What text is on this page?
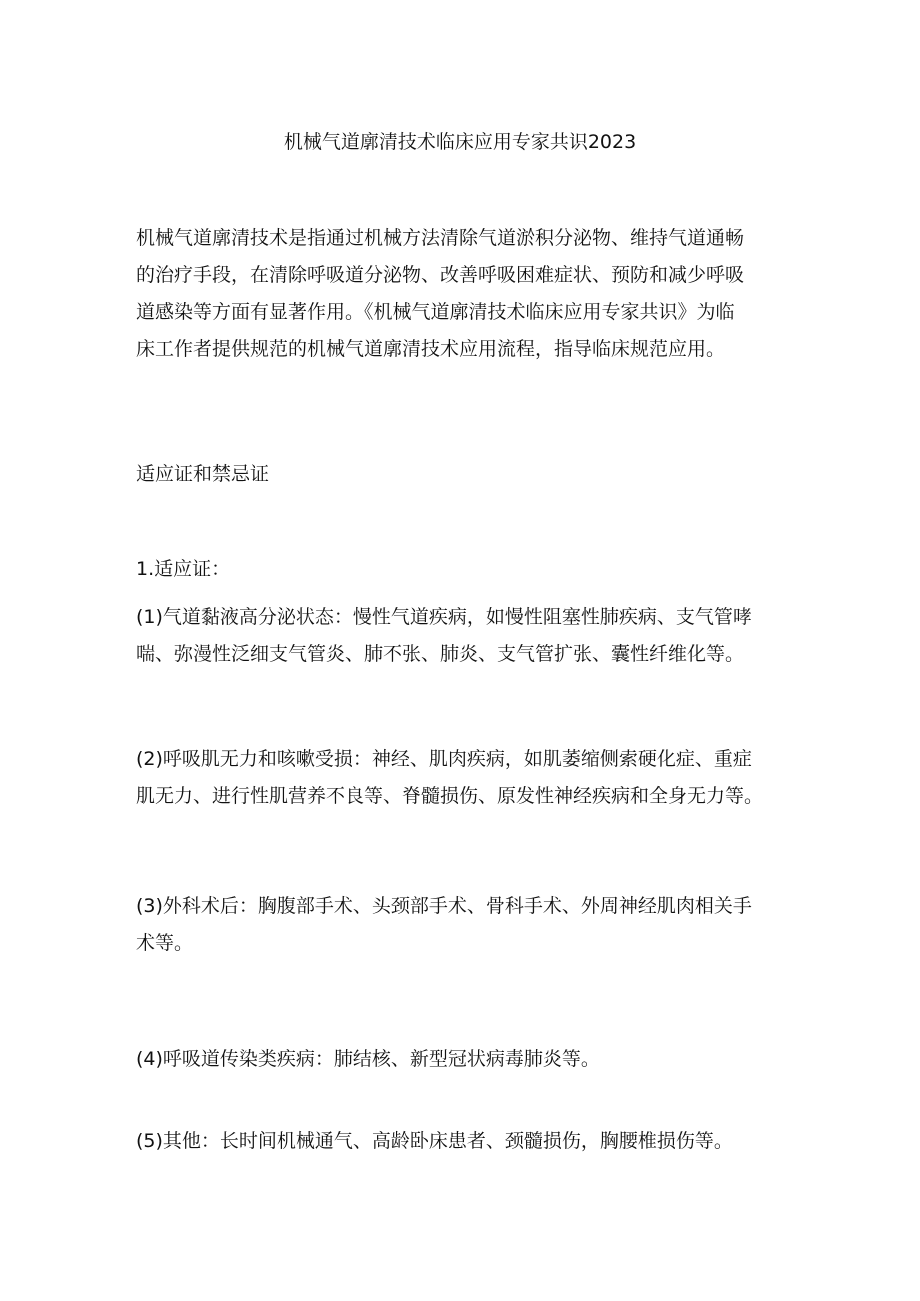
机械气道廓清技术临床应用专家共识2023

机械气道廓清技术是指通过机械方法清除气道淤积分泌物、维持气道通畅
的治疗手段，在清除呼吸道分泌物、改善呼吸困难症状、预防和减少呼吸
道感染等方面有显著作用。《机械气道廓清技术临床应用专家共识》为临
床工作者提供规范的机械气道廓清技术应用流程，指导临床规范应用。

适应证和禁忌证

1.适应证：

(1)气道黏液高分泌状态：慢性气道疾病，如慢性阻塞性肺疾病、支气管哮
喘、弥漫性泛细支气管炎、肺不张、肺炎、支气管扩张、囊性纤维化等。

(2)呼吸肌无力和咳嗽受损：神经、肌肉疾病，如肌萎缩侧索硬化症、重症
肌无力、进行性肌营养不良等、脊髓损伤、原发性神经疾病和全身无力等。

(3)外科术后：胸腹部手术、头颈部手术、骨科手术、外周神经肌肉相关手
术等。

(4)呼吸道传染类疾病：肺结核、新型冠状病毒肺炎等。

(5)其他：长时间机械通气、高龄卧床患者、颈髓损伤，胸腰椎损伤等。
